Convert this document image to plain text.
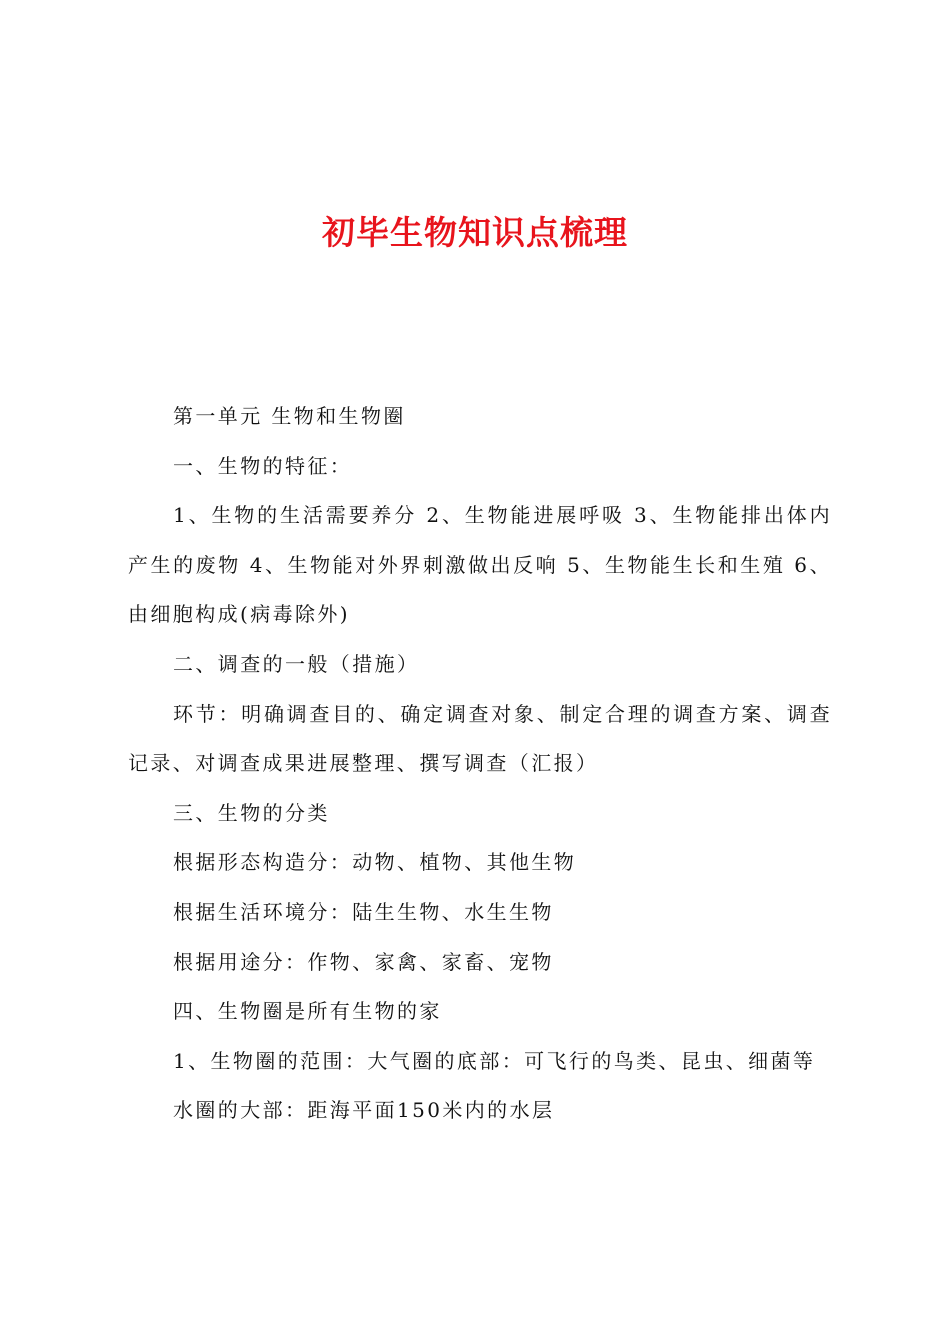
初毕生物知识点梳理

第一单元 生物和生物圈

一、生物的特征：

1、生物的生活需要养分 2、生物能进展呼吸 3、生物能排出体内产生的废物 4、生物能对外界刺激做出反响 5、生物能生长和生殖 6、由细胞构成(病毒除外)

二、调查的一般（措施）

环节：明确调查目的、确定调查对象、制定合理的调查方案、调查记录、对调查成果进展整理、撰写调查（汇报）

三、生物的分类

根据形态构造分：动物、植物、其他生物

根据生活环境分：陆生生物、水生生物

根据用途分：作物、家禽、家畜、宠物

四、生物圈是所有生物的家

1、生物圈的范围：大气圈的底部：可飞行的鸟类、昆虫、细菌等

水圈的大部：距海平面150米内的水层
